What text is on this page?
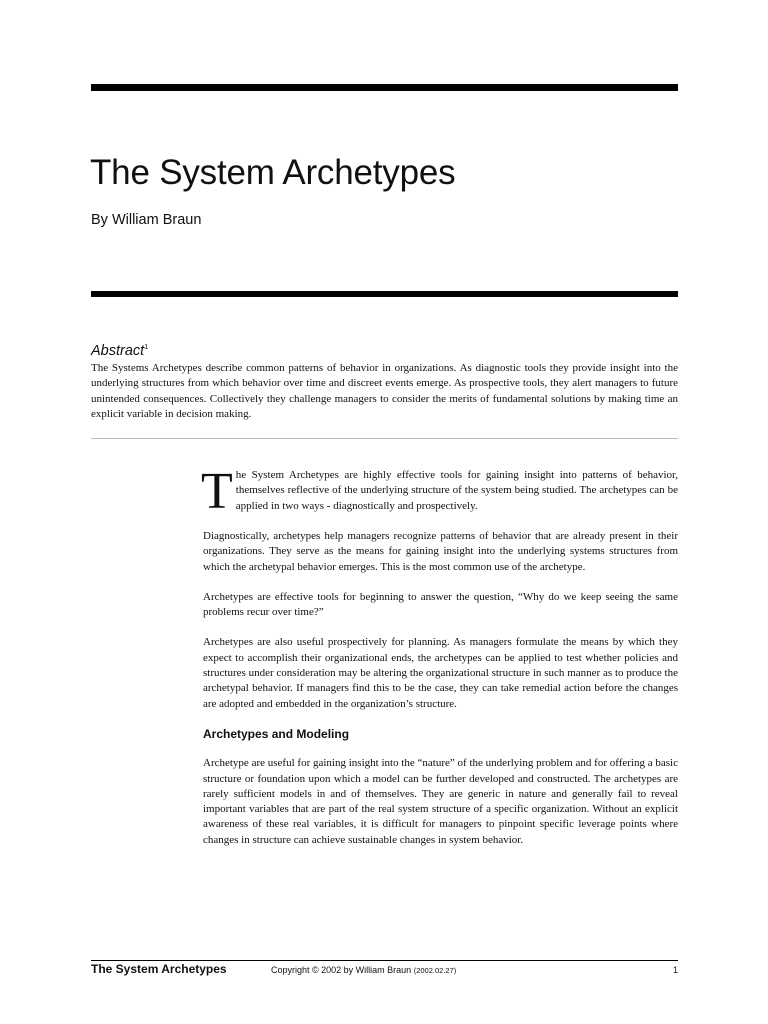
The System Archetypes
By William Braun
Abstract$^1$

The Systems Archetypes describe common patterns of behavior in organizations. As diagnostic tools they provide insight into the underlying structures from which behavior over time and discreet events emerge. As prospective tools, they alert managers to future unintended consequences. Collectively they challenge managers to consider the merits of fundamental solutions by making time an explicit variable in decision making.

The System Archetypes are highly effective tools for gaining insight into patterns of behavior, themselves reflective of the underlying structure of the system being studied. The archetypes can be applied in two ways - diagnostically and prospectively.

Diagnostically, archetypes help managers recognize patterns of behavior that are already present in their organizations. They serve as the means for gaining insight into the underlying systems structures from which the archetypal behavior emerges. This is the most common use of the archetype.

Archetypes are effective tools for beginning to answer the question, “Why do we keep seeing the same problems recur over time?”

Archetypes are also useful prospectively for planning. As managers formulate the means by which they expect to accomplish their organizational ends, the archetypes can be applied to test whether policies and structures under consideration may be altering the organizational structure in such manner as to produce the archetypal behavior. If managers find this to be the case, they can take remedial action before the changes are adopted and embedded in the organization’s structure.

Archetypes and Modeling

Archetype are useful for gaining insight into the “nature” of the underlying problem and for offering a basic structure or foundation upon which a model can be further developed and constructed. The archetypes are rarely sufficient models in and of themselves. They are generic in nature and generally fail to reveal important variables that are part of the real system structure of a specific organization. Without an explicit awareness of these real variables, it is difficult for managers to pinpoint specific leverage points where changes in structure can achieve sustainable changes in system behavior.

The System Archetypes	Copyright © 2002 by William Braun (2002.02.27)	1
